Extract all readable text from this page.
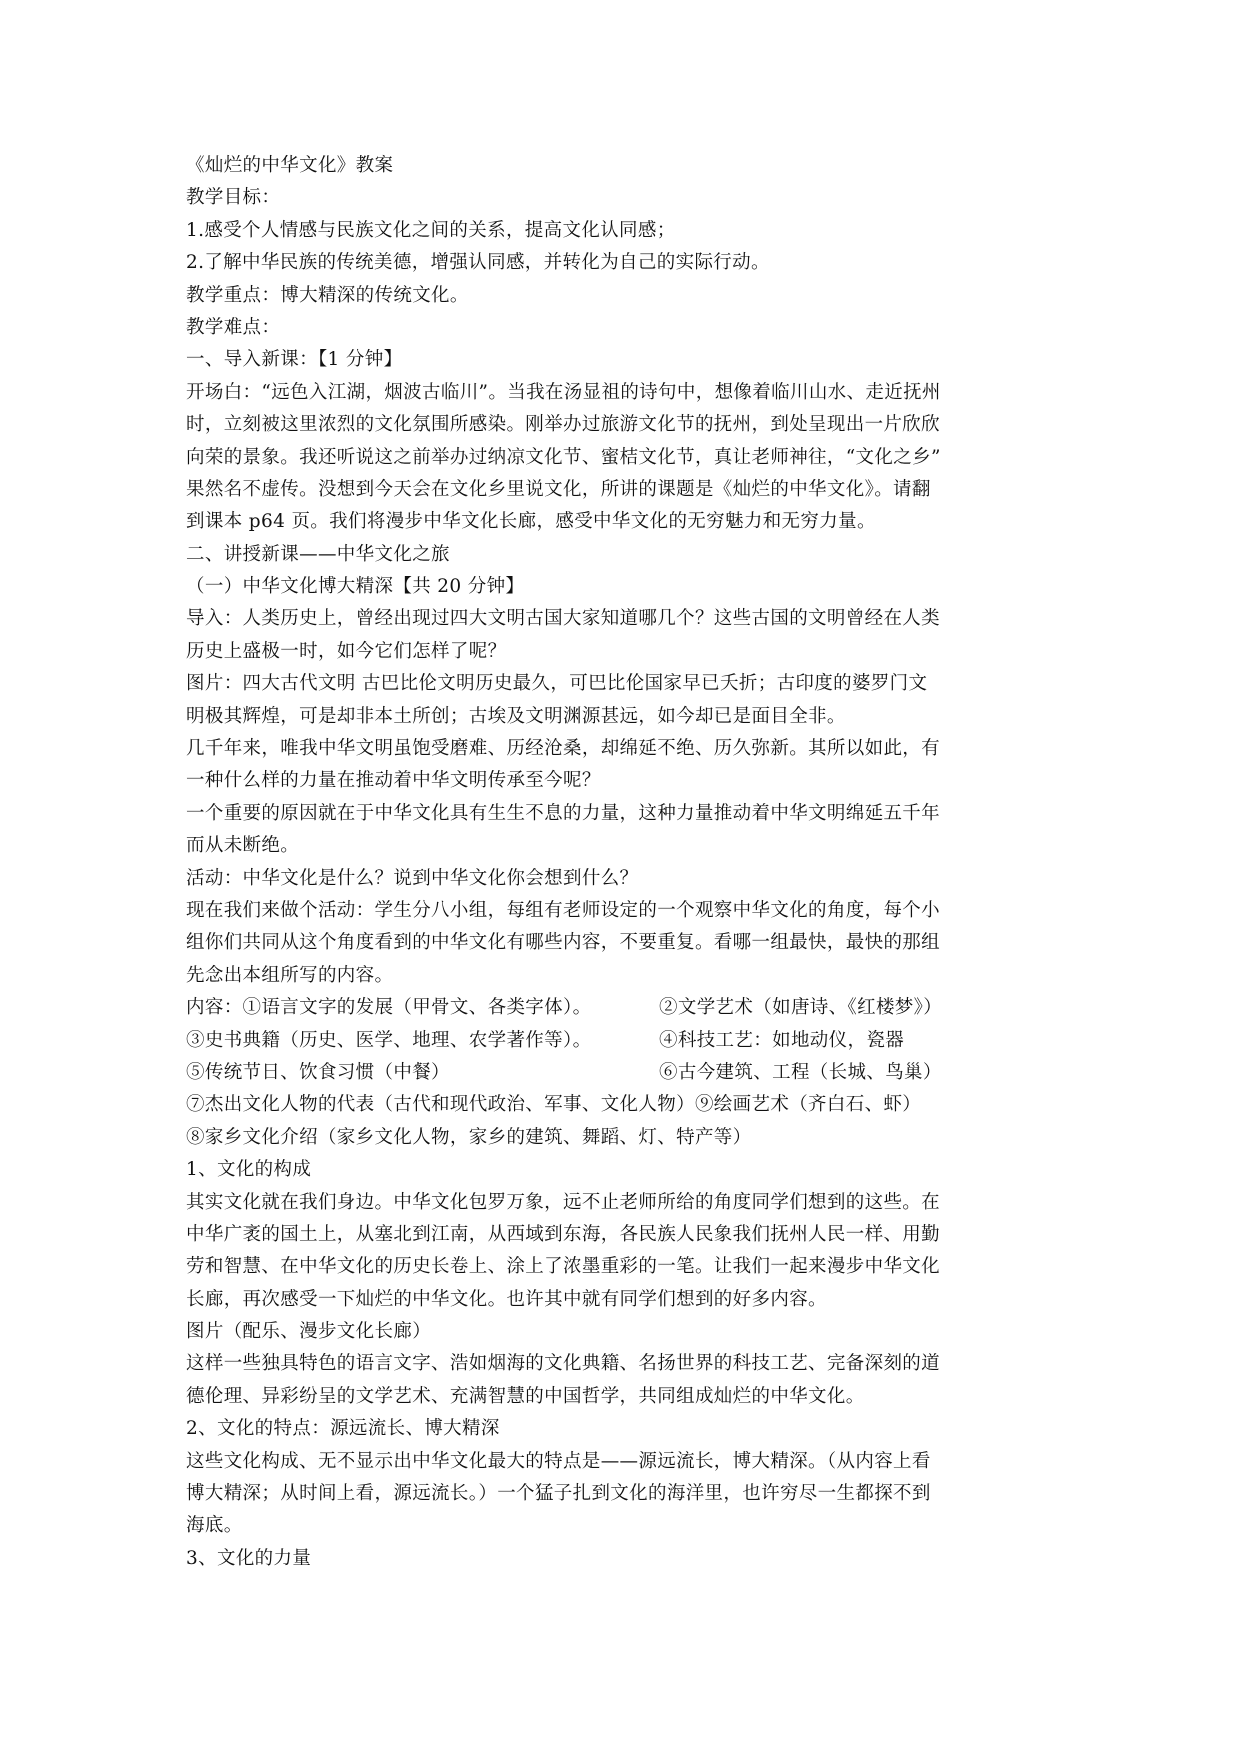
《灿烂的中华文化》教案
教学目标：
1.感受个人情感与民族文化之间的关系，提高文化认同感；
2.了解中华民族的传统美德，增强认同感，并转化为自己的实际行动。
教学重点：博大精深的传统文化。
教学难点：
一、导入新课：【1 分钟】
开场白：“远色入江湖，烟波古临川”。当我在汤显祖的诗句中，想像着临川山水、走近抚州
时，立刻被这里浓烈的文化氛围所感染。刚举办过旅游文化节的抚州，到处呈现出一片欣欣
向荣的景象。我还听说这之前举办过纳凉文化节、蜜桔文化节，真让老师神往，“文化之乡”
果然名不虚传。没想到今天会在文化乡里说文化，所讲的课题是《灿烂的中华文化》。请翻
到课本 p64 页。我们将漫步中华文化长廊，感受中华文化的无穷魅力和无穷力量。
二、讲授新课——中华文化之旅
（一）中华文化博大精深【共 20 分钟】
导入：人类历史上，曾经出现过四大文明古国大家知道哪几个？这些古国的文明曾经在人类
历史上盛极一时，如今它们怎样了呢？
图片：四大古代文明 古巴比伦文明历史最久，可巴比伦国家早已夭折；古印度的婆罗门文
明极其辉煌，可是却非本土所创；古埃及文明渊源甚远，如今却已是面目全非。
几千年来，唯我中华文明虽饱受磨难、历经沧桑，却绵延不绝、历久弥新。其所以如此，有
一种什么样的力量在推动着中华文明传承至今呢？
一个重要的原因就在于中华文化具有生生不息的力量，这种力量推动着中华文明绵延五千年
而从未断绝。
活动：中华文化是什么？说到中华文化你会想到什么？
现在我们来做个活动：学生分八小组，每组有老师设定的一个观察中华文化的角度，每个小
组你们共同从这个角度看到的中华文化有哪些内容，不要重复。看哪一组最快，最快的那组
先念出本组所写的内容。
内容：①语言文字的发展（甲骨文、各类字体）。	②文学艺术（如唐诗、《红楼梦》）
③史书典籍（历史、医学、地理、农学著作等）。	④科技工艺：如地动仪，瓷器
⑤传统节日、饮食习惯（中餐）	⑥古今建筑、工程（长城、鸟巢）
⑦杰出文化人物的代表（古代和现代政治、军事、文化人物）⑨绘画艺术（齐白石、虾）
⑧家乡文化介绍（家乡文化人物，家乡的建筑、舞蹈、灯、特产等）
1、文化的构成
其实文化就在我们身边。中华文化包罗万象，远不止老师所给的角度同学们想到的这些。在
中华广袤的国土上，从塞北到江南，从西域到东海，各民族人民象我们抚州人民一样、用勤
劳和智慧、在中华文化的历史长卷上、涂上了浓墨重彩的一笔。让我们一起来漫步中华文化
长廊，再次感受一下灿烂的中华文化。也许其中就有同学们想到的好多内容。
图片（配乐、漫步文化长廊）
这样一些独具特色的语言文字、浩如烟海的文化典籍、名扬世界的科技工艺、完备深刻的道
德伦理、异彩纷呈的文学艺术、充满智慧的中国哲学，共同组成灿烂的中华文化。
2、文化的特点：源远流长、博大精深
这些文化构成、无不显示出中华文化最大的特点是——源远流长，博大精深。（从内容上看
博大精深；从时间上看，源远流长。）一个猛子扎到文化的海洋里，也许穷尽一生都探不到
海底。
3、文化的力量
